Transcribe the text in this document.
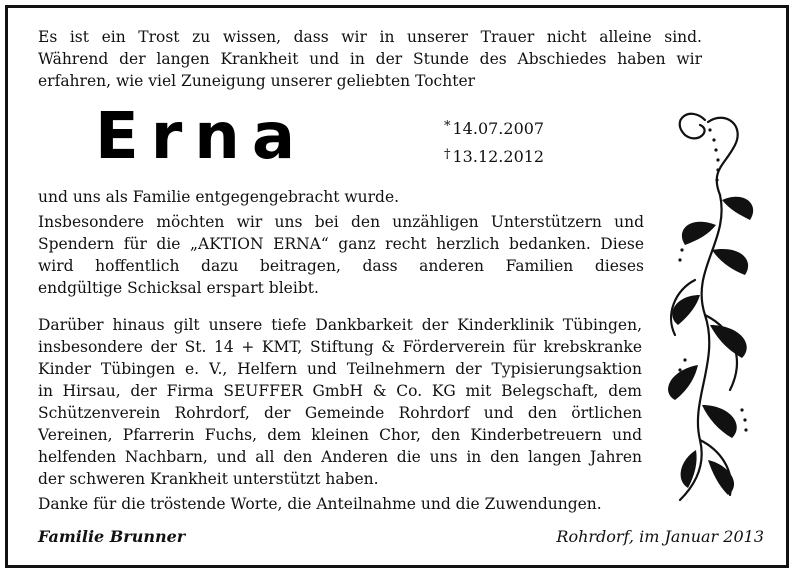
Es ist ein Trost zu wissen, dass wir in unserer Trauer nicht alleine sind.
Während der langen Krankheit und in der Stunde des Abschiedes haben wir
erfahren, wie viel Zuneigung unserer geliebten Tochter

Erna	* 14.07.2007
† 13.12.2012

und uns als Familie entgegengebracht wurde.

Insbesondere möchten wir uns bei den unzähligen Unterstützern und
Spendern für die „AKTION ERNA“ ganz recht herzlich bedanken. Diese
wird hoffentlich dazu beitragen, dass anderen Familien dieses
endgültige Schicksal erspart bleibt.

Darüber hinaus gilt unsere tiefe Dankbarkeit der Kinderklinik Tübingen,
insbesondere der St. 14 + KMT, Stiftung & Förderverein für krebskranke
Kinder Tübingen e. V., Helfern und Teilnehmern der Typisierungsaktion
in Hirsau, der Firma SEUFFER GmbH & Co. KG mit Belegschaft, dem
Schützenverein Rohrdorf, der Gemeinde Rohrdorf und den örtlichen
Vereinen, Pfarrerin Fuchs, dem kleinen Chor, den Kinderbetreuern und
helfenden Nachbarn, und all den Anderen die uns in den langen Jahren
der schweren Krankheit unterstützt haben.

Danke für die tröstende Worte, die Anteilnahme und die Zuwendungen.

Familie Brunner	Rohrdorf, im Januar 2013
